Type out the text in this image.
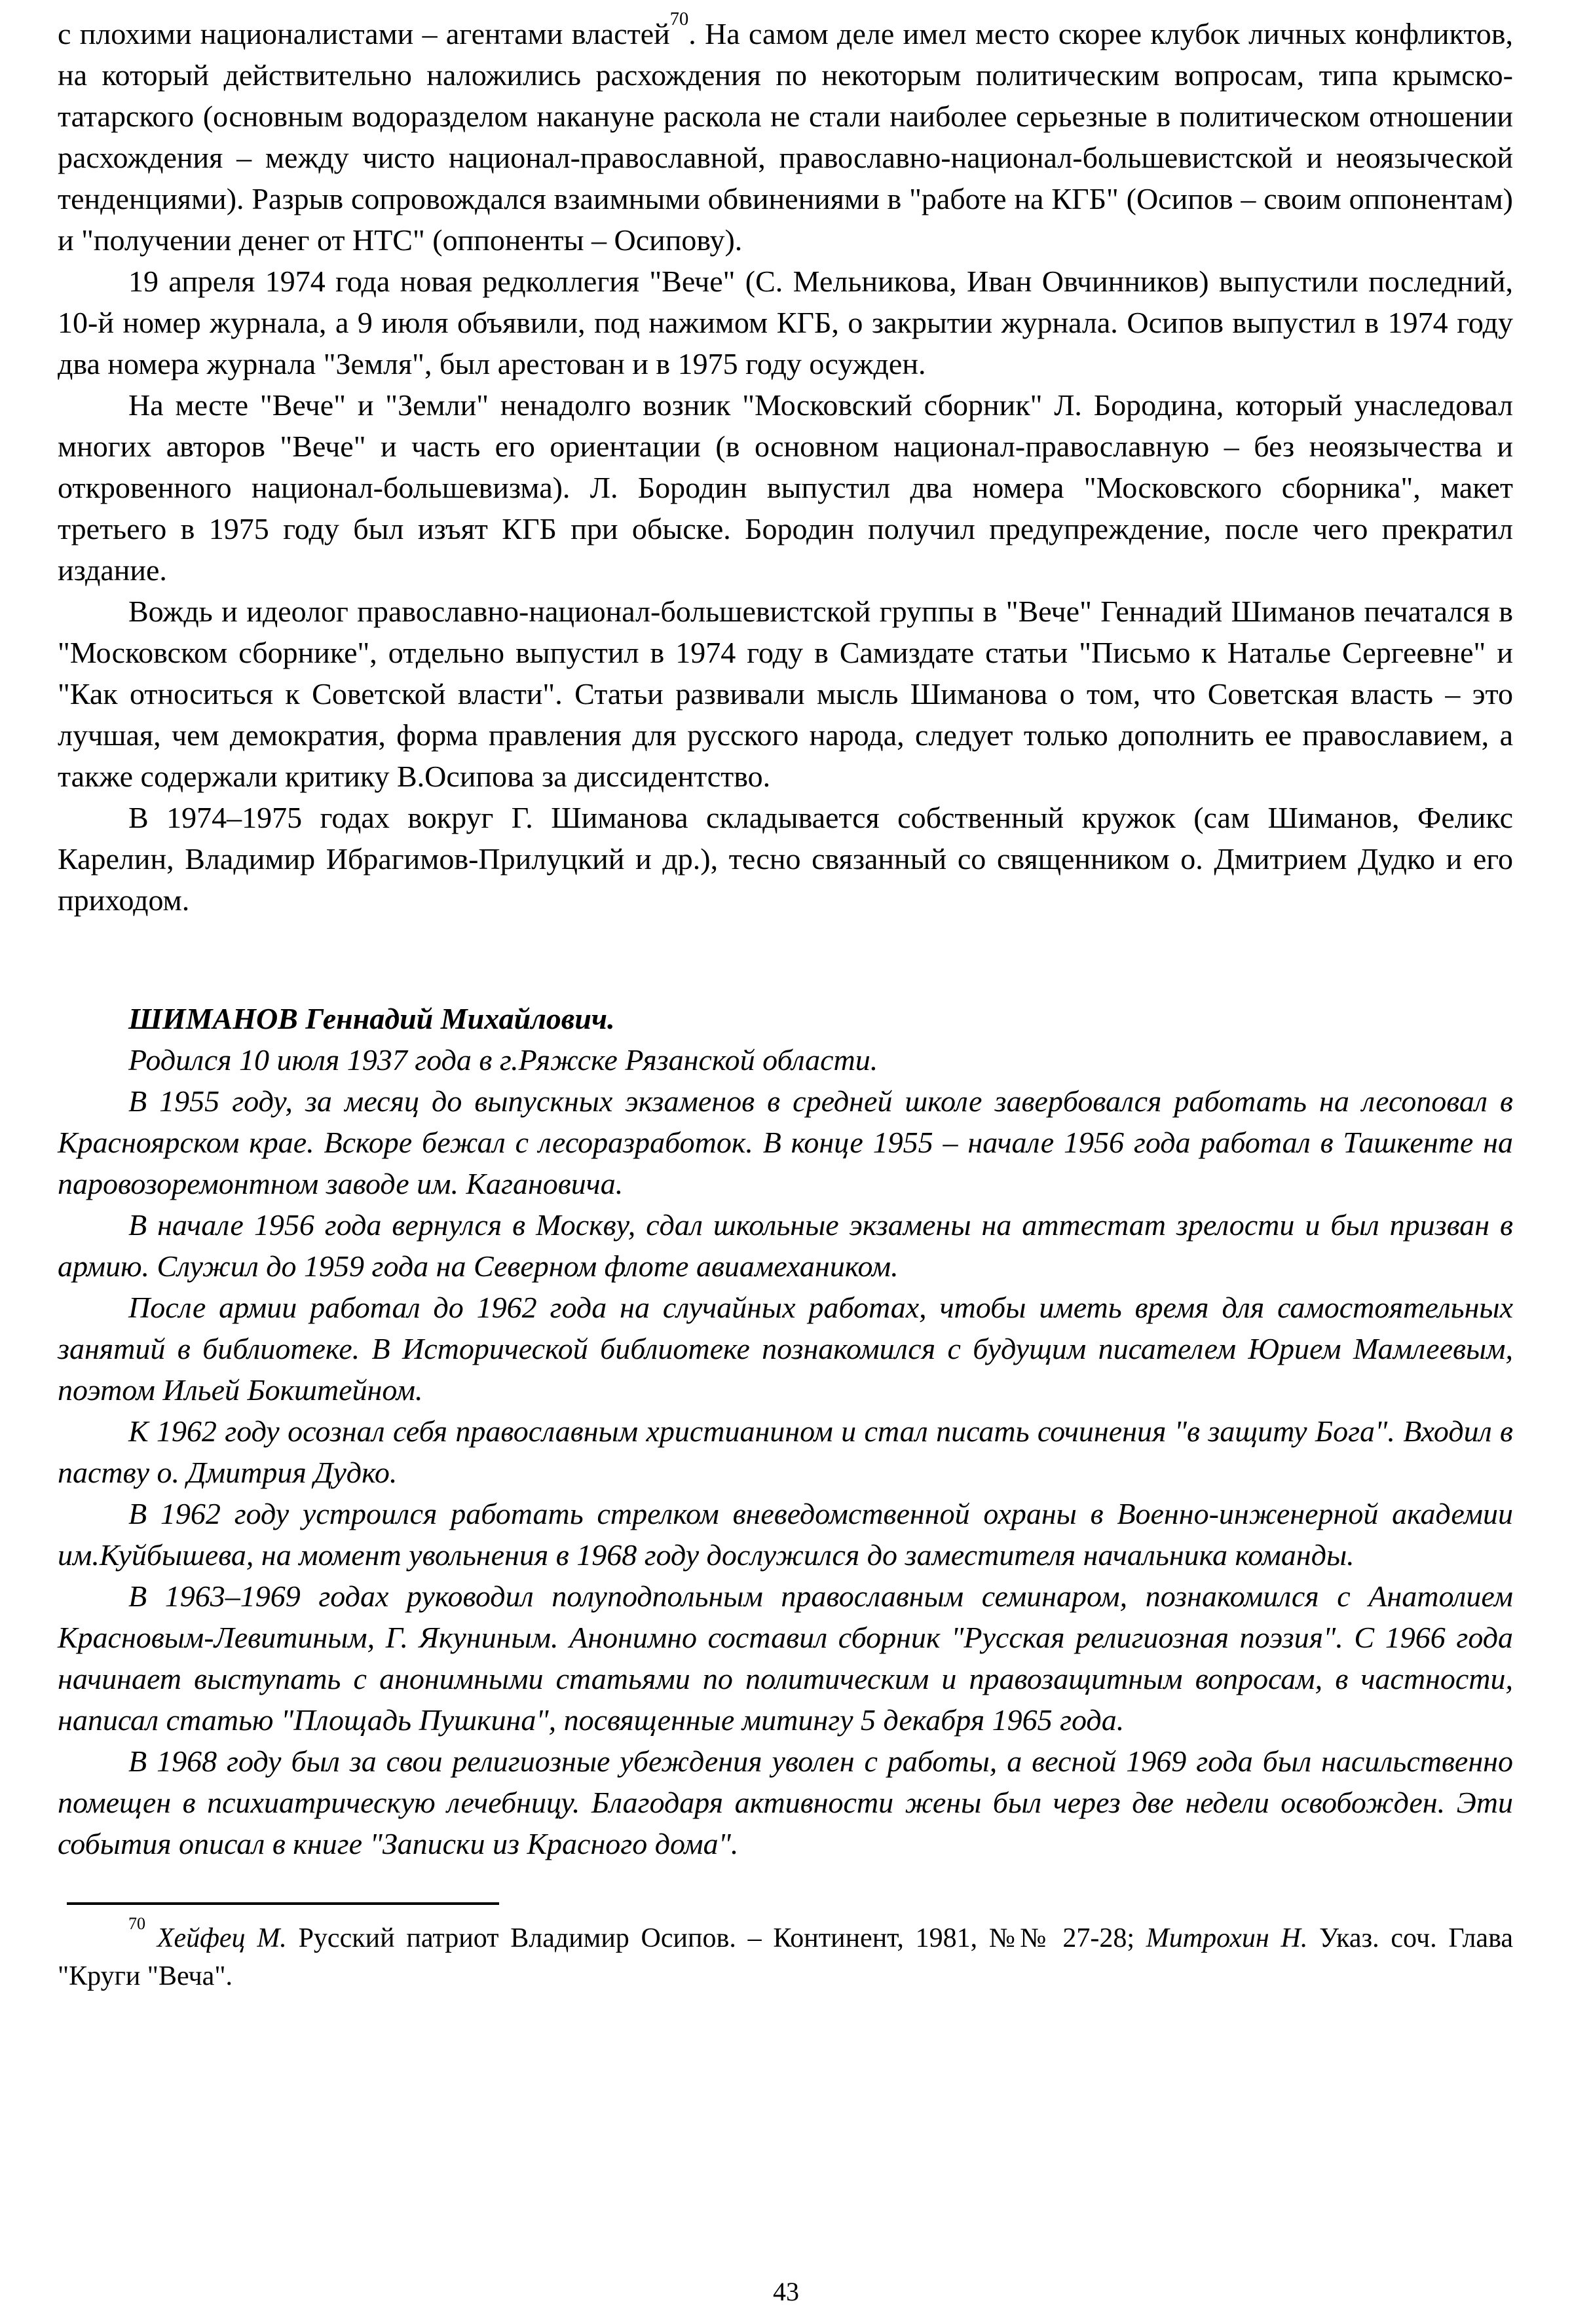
с плохими националистами – агентами властей$^{70}$. На самом деле имел место скорее клубок личных конфликтов, на который действительно наложились расхождения по некоторым политическим вопросам, типа крымско-татарского (основным водоразделом накануне раскола не стали наиболее серьезные в политическом отношении расхождения – между чисто национал-православной, православно-национал-большевистской и неоязыческой тенденциями). Разрыв сопровождался взаимными обвинениями в "работе на КГБ" (Осипов – своим оппонентам) и "получении денег от НТС" (оппоненты – Осипову).

19 апреля 1974 года новая редколлегия "Вече" (С. Мельникова, Иван Овчинников) выпустили последний, 10-й номер журнала, а 9 июля объявили, под нажимом КГБ, о закрытии журнала. Осипов выпустил в 1974 году два номера журнала "Земля", был арестован и в 1975 году осужден.

На месте "Вече" и "Земли" ненадолго возник "Московский сборник" Л. Бородина, который унаследовал многих авторов "Вече" и часть его ориентации (в основном национал-православную – без неоязычества и откровенного национал-большевизма). Л. Бородин выпустил два номера "Московского сборника", макет третьего в 1975 году был изъят КГБ при обыске. Бородин получил предупреждение, после чего прекратил издание.

Вождь и идеолог православно-национал-большевистской группы в "Вече" Геннадий Шиманов печатался в "Московском сборнике", отдельно выпустил в 1974 году в Самиздате статьи "Письмо к Наталье Сергеевне" и "Как относиться к Советской власти". Статьи развивали мысль Шиманова о том, что Советская власть – это лучшая, чем демократия, форма правления для русского народа, следует только дополнить ее православием, а также содержали критику В.Осипова за диссидентство.

В 1974–1975 годах вокруг Г. Шиманова складывается собственный кружок (сам Шиманов, Феликс Карелин, Владимир Ибрагимов-Прилуцкий и др.), тесно связанный со священником о. Дмитрием Дудко и его приходом.

ШИМАНОВ Геннадий Михайлович.

Родился 10 июля 1937 года в г.Ряжске Рязанской области.

В 1955 году, за месяц до выпускных экзаменов в средней школе завербовался работать на лесоповал в Красноярском крае. Вскоре бежал с лесоразработок. В конце 1955 – начале 1956 года работал в Ташкенте на паровозоремонтном заводе им. Кагановича.

В начале 1956 года вернулся в Москву, сдал школьные экзамены на аттестат зрелости и был призван в армию. Служил до 1959 года на Северном флоте авиамехаником.

После армии работал до 1962 года на случайных работах, чтобы иметь время для самостоятельных занятий в библиотеке. В Исторической библиотеке познакомился с будущим писателем Юрием Мамлеевым, поэтом Ильей Бокштейном.

К 1962 году осознал себя православным христианином и стал писать сочинения "в защиту Бога". Входил в паству о. Дмитрия Дудко.

В 1962 году устроился работать стрелком вневедомственной охраны в Военно-инженерной академии им.Куйбышева, на момент увольнения в 1968 году дослужился до заместителя начальника команды.

В 1963–1969 годах руководил полуподпольным православным семинаром, познакомился с Анатолием Красновым-Левитиным, Г. Якуниным. Анонимно составил сборник "Русская религиозная поэзия". С 1966 года начинает выступать с анонимными статьями по политическим и правозащитным вопросам, в частности, написал статью "Площадь Пушкина", посвященные митингу 5 декабря 1965 года.

В 1968 году был за свои религиозные убеждения уволен с работы, а весной 1969 года был насильственно помещен в психиатрическую лечебницу. Благодаря активности жены был через две недели освобожден. Эти события описал в книге "Записки из Красного дома".

$^{70}$ Хейфец М. Русский патриот Владимир Осипов. – Континент, 1981, №№ 27-28; Митрохин Н. Указ. соч. Глава "Круги "Веча".

43
